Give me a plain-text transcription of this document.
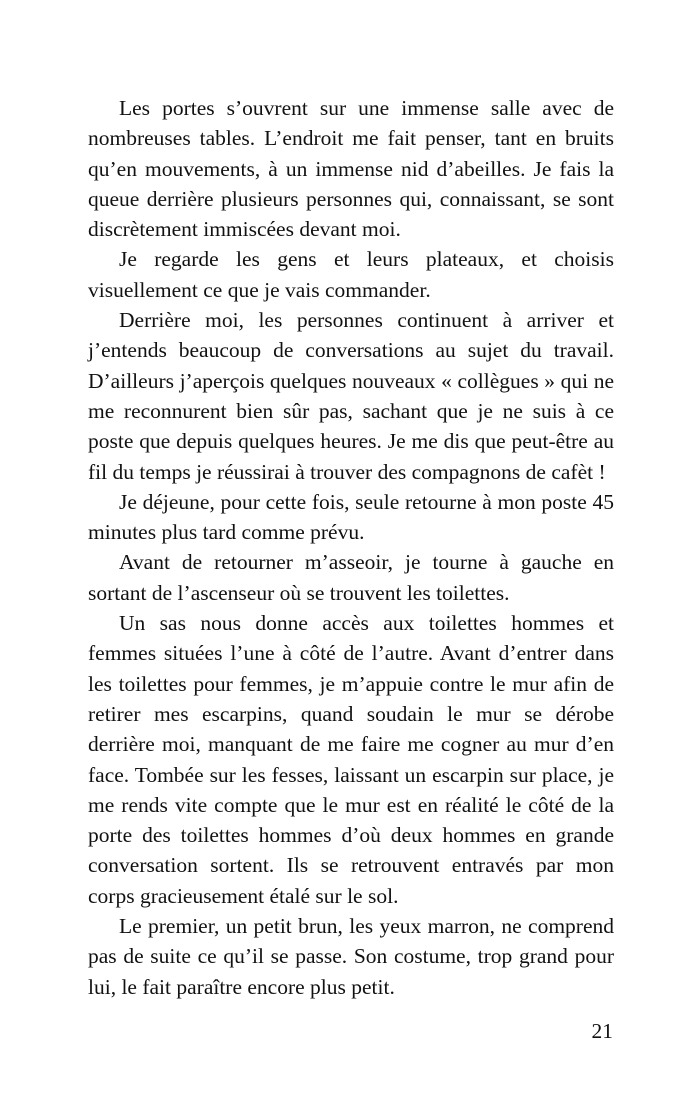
Les portes s’ouvrent sur une immense salle avec de nombreuses tables. L’endroit me fait penser, tant en bruits qu’en mouvements, à un immense nid d’abeilles. Je fais la queue derrière plusieurs personnes qui, connaissant, se sont discrètement immiscées devant moi.

Je regarde les gens et leurs plateaux, et choisis visuellement ce que je vais commander.

Derrière moi, les personnes continuent à arriver et j’entends beaucoup de conversations au sujet du travail. D’ailleurs j’aperçois quelques nouveaux « collègues » qui ne me reconnurent bien sûr pas, sachant que je ne suis à ce poste que depuis quelques heures. Je me dis que peut-être au fil du temps je réussirai à trouver des compagnons de cafèt !

Je déjeune, pour cette fois, seule retourne à mon poste 45 minutes plus tard comme prévu.

Avant de retourner m’asseoir, je tourne à gauche en sortant de l’ascenseur où se trouvent les toilettes.

Un sas nous donne accès aux toilettes hommes et femmes situées l’une à côté de l’autre. Avant d’entrer dans les toilettes pour femmes, je m’appuie contre le mur afin de retirer mes escarpins, quand soudain le mur se dérobe derrière moi, manquant de me faire me cogner au mur d’en face. Tombée sur les fesses, laissant un escarpin sur place, je me rends vite compte que le mur est en réalité le côté de la porte des toilettes hommes d’où deux hommes en grande conversation sortent. Ils se retrouvent entravés par mon corps gracieusement étalé sur le sol.

Le premier, un petit brun, les yeux marron, ne comprend pas de suite ce qu’il se passe. Son costume, trop grand pour lui, le fait paraître encore plus petit.

21
